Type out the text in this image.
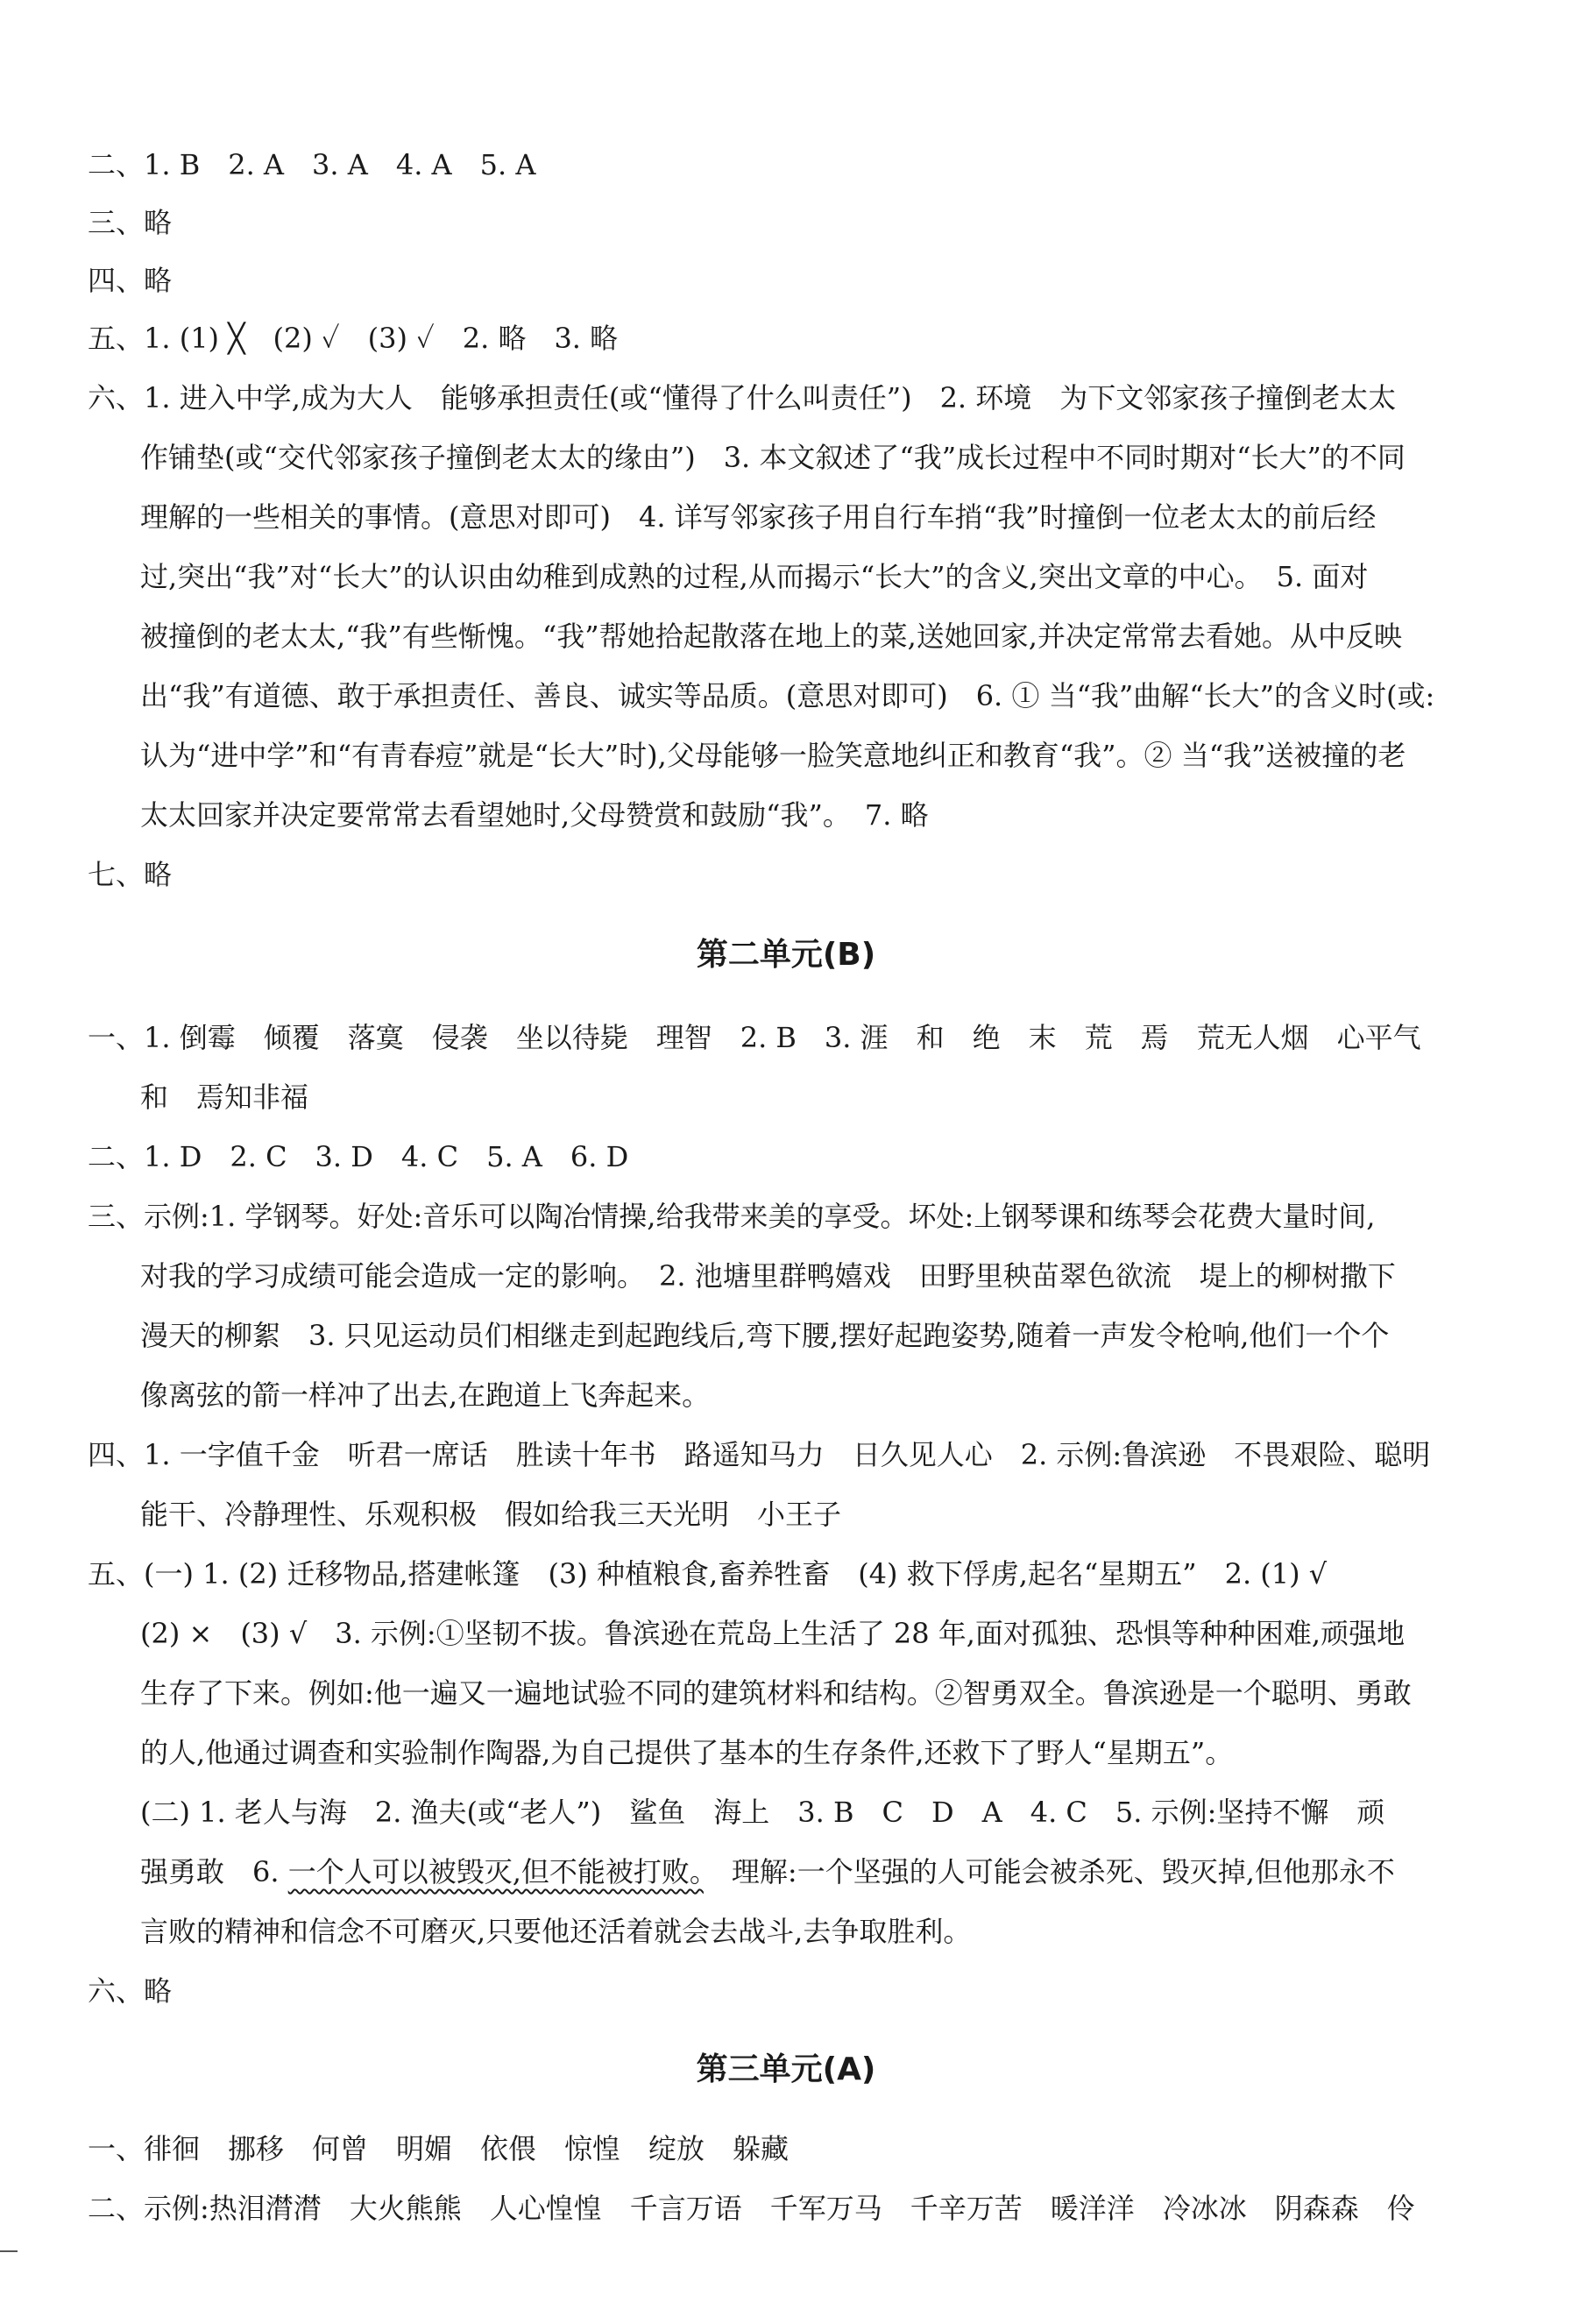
二、1. B　2. A　3. A　4. A　5. A
三、略
四、略
五、1. (1) ╳　(2) ✓　(3) ✓　2. 略　3. 略
六、1. 进入中学,成为大人　能够承担责任(或“懂得了什么叫责任”)　2. 环境　为下文邻家孩子撞倒老太太
作铺垫(或“交代邻家孩子撞倒老太太的缘由”)　3. 本文叙述了“我”成长过程中不同时期对“长大”的不同
理解的一些相关的事情。(意思对即可)　4. 详写邻家孩子用自行车捎“我”时撞倒一位老太太的前后经
过,突出“我”对“长大”的认识由幼稚到成熟的过程,从而揭示“长大”的含义,突出文章的中心。　5. 面对
被撞倒的老太太,“我”有些惭愧。“我”帮她拾起散落在地上的菜,送她回家,并决定常常去看她。从中反映
出“我”有道德、敢于承担责任、善良、诚实等品质。(意思对即可)　6. ① 当“我”曲解“长大”的含义时(或:
认为“进中学”和“有青春痘”就是“长大”时),父母能够一脸笑意地纠正和教育“我”。② 当“我”送被撞的老
太太回家并决定要常常去看望她时,父母赞赏和鼓励“我”。　7. 略
七、略
第二单元(B)
一、1. 倒霉　倾覆　落寞　侵袭　坐以待毙　理智　2. B　3. 涯　和　绝　末　荒　焉　荒无人烟　心平气
和　焉知非福
二、1. D　2. C　3. D　4. C　5. A　6. D
三、示例:1. 学钢琴。好处:音乐可以陶冶情操,给我带来美的享受。坏处:上钢琴课和练琴会花费大量时间,
对我的学习成绩可能会造成一定的影响。　2. 池塘里群鸭嬉戏　田野里秧苗翠色欲流　堤上的柳树撒下
漫天的柳絮　3. 只见运动员们相继走到起跑线后,弯下腰,摆好起跑姿势,随着一声发令枪响,他们一个个
像离弦的箭一样冲了出去,在跑道上飞奔起来。
四、1. 一字值千金　听君一席话　胜读十年书　路遥知马力　日久见人心　2. 示例:鲁滨逊　不畏艰险、聪明
能干、冷静理性、乐观积极　假如给我三天光明　小王子
五、(一) 1. (2) 迁移物品,搭建帐篷　(3) 种植粮食,畜养牲畜　(4) 救下俘虏,起名“星期五”　2. (1) √
(2) ×　(3) √　3. 示例:①坚韧不拔。鲁滨逊在荒岛上生活了 28 年,面对孤独、恐惧等种种困难,顽强地
生存了下来。例如:他一遍又一遍地试验不同的建筑材料和结构。②智勇双全。鲁滨逊是一个聪明、勇敢
的人,他通过调查和实验制作陶器,为自己提供了基本的生存条件,还救下了野人“星期五”。
(二) 1. 老人与海　2. 渔夫(或“老人”)　鲨鱼　海上　3. B　C　D　A　4. C　5. 示例:坚持不懈　顽
强勇敢　6. 一个人可以被毁灭,但不能被打败。　理解:一个坚强的人可能会被杀死、毁灭掉,但他那永不
言败的精神和信念不可磨灭,只要他还活着就会去战斗,去争取胜利。
六、略
第三单元(A)
一、徘徊　挪移　何曾　明媚　依偎　惊惶　绽放　躲藏
二、示例:热泪潸潸　大火熊熊　人心惶惶　千言万语　千军万马　千辛万苦　暖洋洋　冷冰冰　阴森森　伶
